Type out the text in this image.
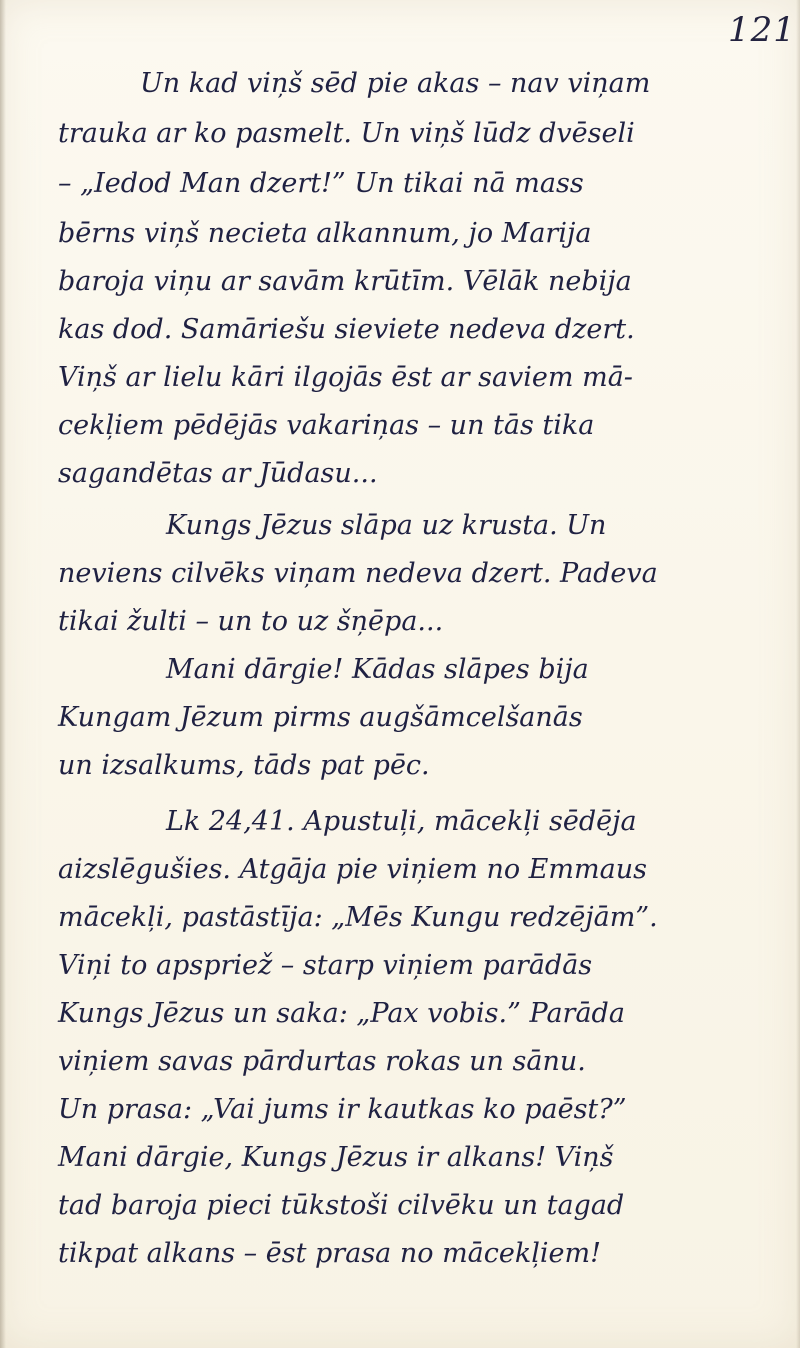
121
Un kad viņš sēd pie akas – nav viņam
trauka ar ko pasmelt. Un viņš lūdz dvēseli
– „Iedod Man dzert!” Un tikai nā mass
bērns viņš necieta alkannum, jo Marija
baroja viņu ar savām krūtīm. Vēlāk nebija
kas dod. Samāriešu sieviete nedeva dzert.
Viņš ar lielu kāri ilgojās ēst ar saviem mā-
cekļiem pēdējās vakariņas – un tās tika
sagandētas ar Jūdasu...
Kungs Jēzus slāpa uz krusta. Un
neviens cilvēks viņam nedeva dzert. Padeva
tikai žulti – un to uz šņēpa...
Mani dārgie! Kādas slāpes bija
Kungam Jēzum pirms augšāmcelšanās
un izsalkums, tāds pat pēc.
Lk 24,41. Apustuļi, mācekļi sēdēja
aizslēgušies. Atgāja pie viņiem no Emmaus
mācekļi, pastāstīja: „Mēs Kungu redzējām”.
Viņi to apspriež – starp viņiem parādās
Kungs Jēzus un saka: „Pax vobis.” Parāda
viņiem savas pārdurtas rokas un sānu.
Un prasa: „Vai jums ir kautkas ko paēst?”
Mani dārgie, Kungs Jēzus ir alkans! Viņš
tad baroja pieci tūkstoši cilvēku un tagad
tikpat alkans – ēst prasa no mācekļiem!
